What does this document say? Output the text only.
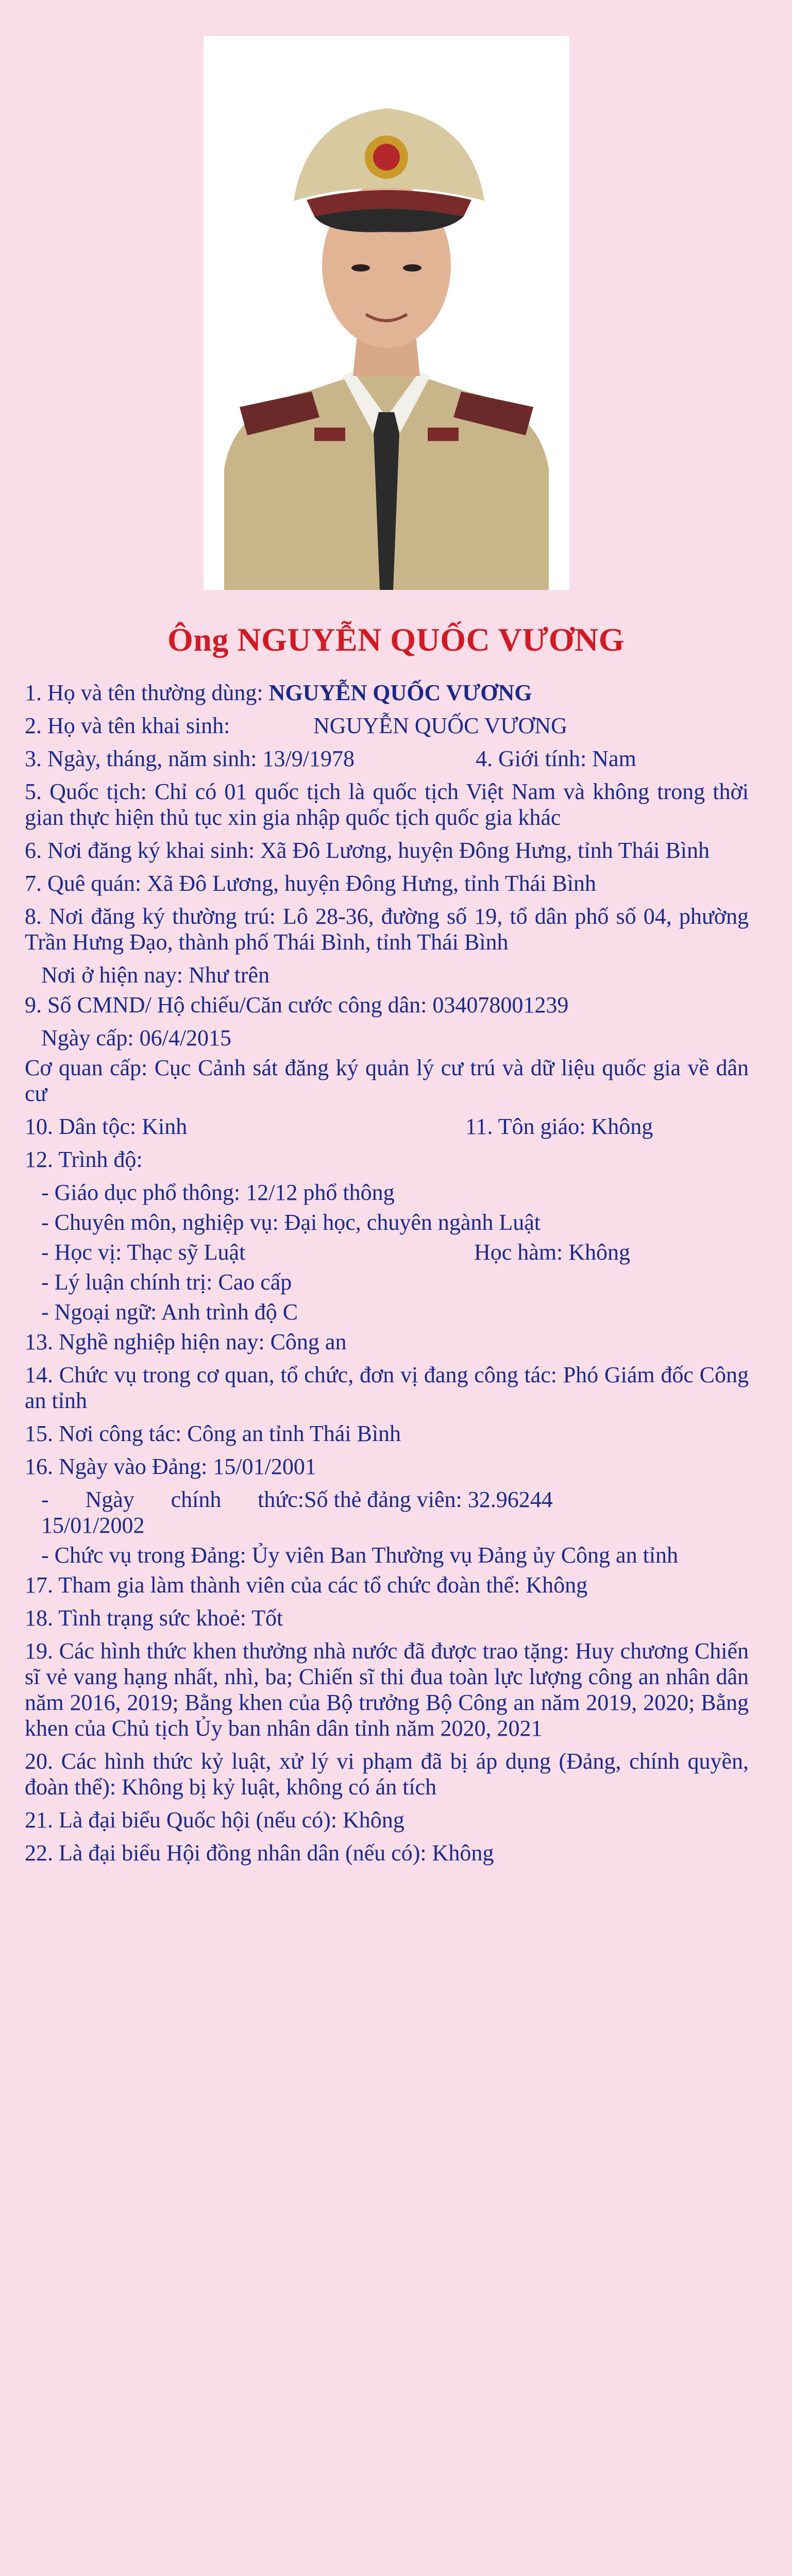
Ông NGUYỄN QUỐC VƯƠNG

1. Họ và tên thường dùng: NGUYỄN QUỐC VƯƠNG

2. Họ và tên khai sinh:	NGUYỄN QUỐC VƯƠNG

3. Ngày, tháng, năm sinh: 13/9/1978	4. Giới tính: Nam

5. Quốc tịch: Chỉ có 01 quốc tịch là quốc tịch Việt Nam và không trong thời gian thực hiện thủ tục xin gia nhập quốc tịch quốc gia khác

6. Nơi đăng ký khai sinh: Xã Đô Lương, huyện Đông Hưng, tỉnh Thái Bình

7. Quê quán: Xã Đô Lương, huyện Đông Hưng, tỉnh Thái Bình

8. Nơi đăng ký thường trú: Lô 28-36, đường số 19, tổ dân phố số 04, phường Trần Hưng Đạo, thành phố Thái Bình, tỉnh Thái Bình

Nơi ở hiện nay: Như trên

9. Số CMND/ Hộ chiếu/Căn cước công dân: 034078001239

Ngày cấp: 06/4/2015

Cơ quan cấp: Cục Cảnh sát đăng ký quản lý cư trú và dữ liệu quốc gia về dân cư

10. Dân tộc: Kinh	11. Tôn giáo: Không

12. Trình độ:

- Giáo dục phổ thông: 12/12 phổ thông

- Chuyên môn, nghiệp vụ: Đại học, chuyên ngành Luật

- Học vị: Thạc sỹ Luật	Học hàm: Không

- Lý luận chính trị: Cao cấp

- Ngoại ngữ: Anh trình độ C

13. Nghề nghiệp hiện nay: Công an

14. Chức vụ trong cơ quan, tổ chức, đơn vị đang công tác: Phó Giám đốc Công an tỉnh

15. Nơi công tác: Công an tỉnh Thái Bình

16. Ngày vào Đảng: 15/01/2001

- Ngày chính thức: 15/01/2002
Số thẻ đảng viên: 32.96244

- Chức vụ trong Đảng: Ủy viên Ban Thường vụ Đảng ủy Công an tỉnh

17. Tham gia làm thành viên của các tổ chức đoàn thể: Không

18. Tình trạng sức khoẻ: Tốt

19. Các hình thức khen thưởng nhà nước đã được trao tặng: Huy chương Chiến sĩ vẻ vang hạng nhất, nhì, ba; Chiến sĩ thi đua toàn lực lượng công an nhân dân năm 2016, 2019; Bằng khen của Bộ trưởng Bộ Công an năm 2019, 2020; Bằng khen của Chủ tịch Ủy ban nhân dân tỉnh năm 2020, 2021

20. Các hình thức kỷ luật, xử lý vi phạm đã bị áp dụng (Đảng, chính quyền, đoàn thể): Không bị kỷ luật, không có án tích

21. Là đại biểu Quốc hội (nếu có): Không

22. Là đại biểu Hội đồng nhân dân (nếu có): Không
